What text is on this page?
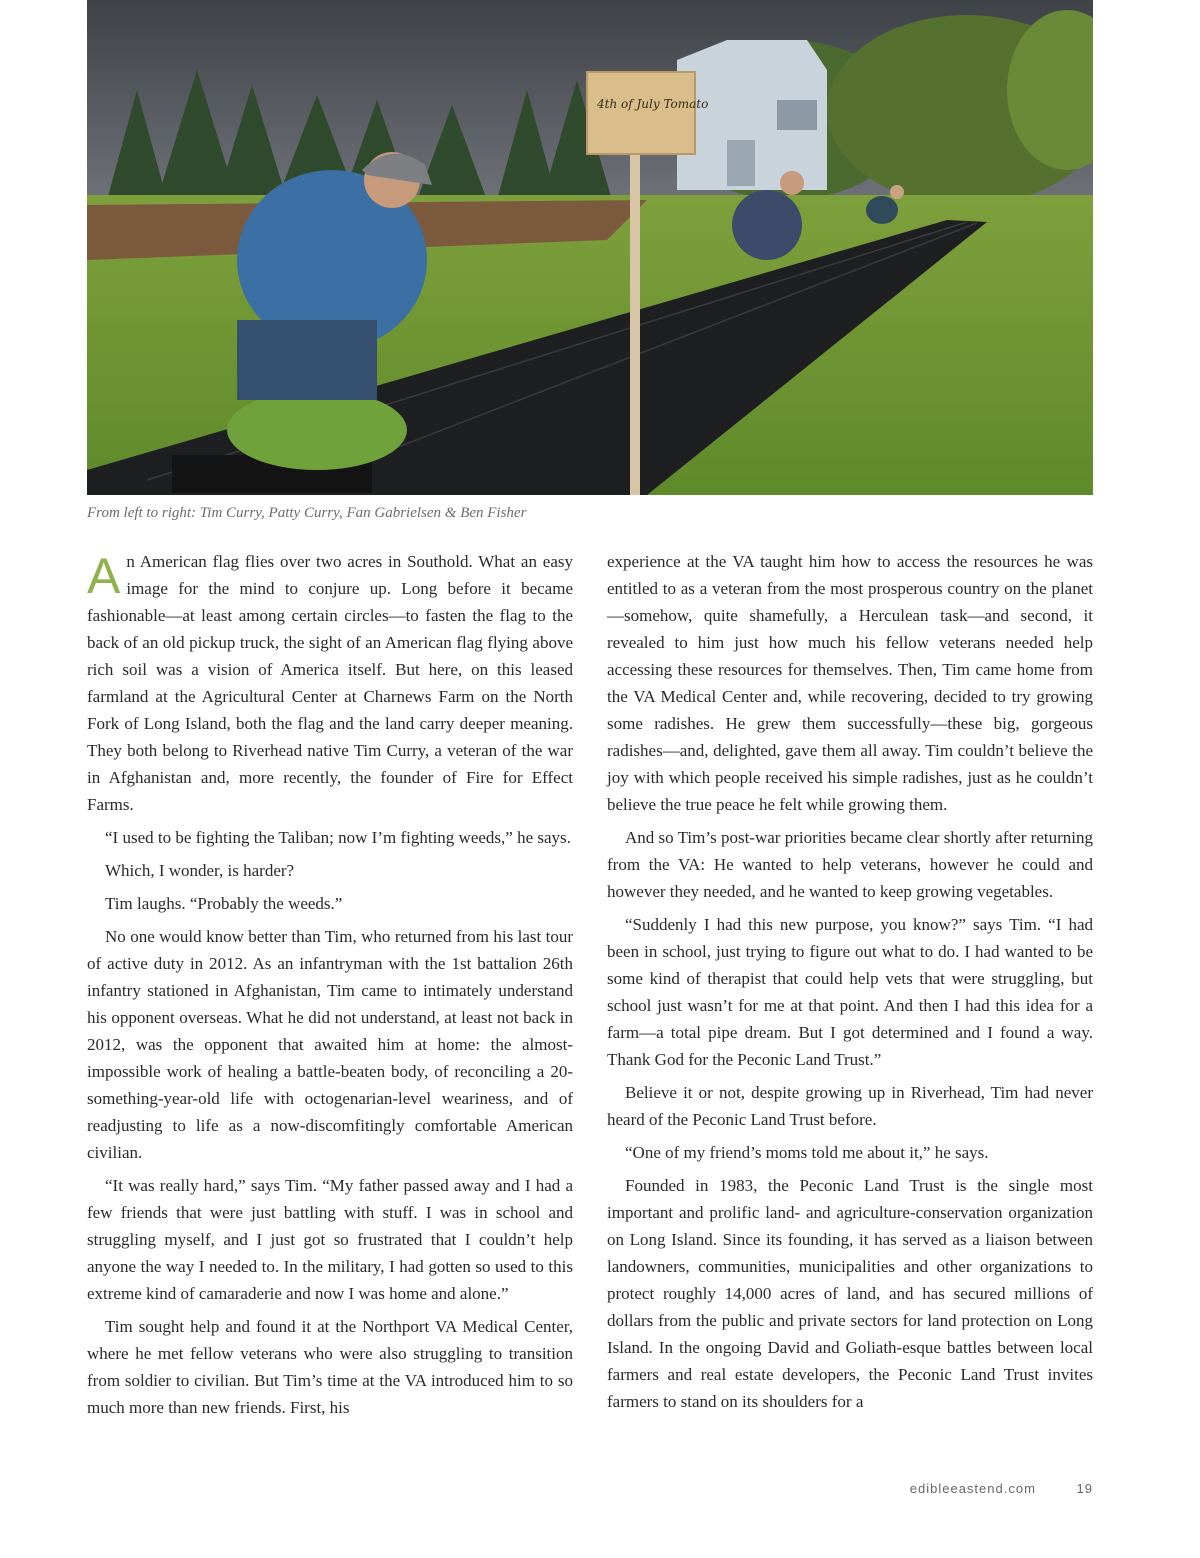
4th of July Tomato
From left to right: Tim Curry, Patty Curry, Fan Gabrielsen & Ben Fisher

An American flag flies over two acres in Southold. What an easy image for the mind to conjure up. Long before it became fashionable—at least among certain circles—to fasten the flag to the back of an old pickup truck, the sight of an American flag flying above rich soil was a vision of America itself. But here, on this leased farmland at the Agricultural Center at Charnews Farm on the North Fork of Long Island, both the flag and the land carry deeper meaning. They both belong to Riverhead native Tim Curry, a veteran of the war in Afghanistan and, more recently, the founder of Fire for Effect Farms.

“I used to be fighting the Taliban; now I’m fighting weeds,” he says.

Which, I wonder, is harder?

Tim laughs. “Probably the weeds.”

No one would know better than Tim, who returned from his last tour of active duty in 2012. As an infantryman with the 1st battalion 26th infantry stationed in Afghanistan, Tim came to intimately understand his opponent overseas. What he did not understand, at least not back in 2012, was the opponent that awaited him at home: the almost-impossible work of healing a battle-beaten body, of reconciling a 20-something-year-old life with octogenarian-level weariness, and of readjusting to life as a now-discomfitingly comfortable American civilian.

“It was really hard,” says Tim. “My father passed away and I had a few friends that were just battling with stuff. I was in school and struggling myself, and I just got so frustrated that I couldn’t help anyone the way I needed to. In the military, I had gotten so used to this extreme kind of camaraderie and now I was home and alone.”

Tim sought help and found it at the Northport VA Medical Center, where he met fellow veterans who were also struggling to transition from soldier to civilian. But Tim’s time at the VA introduced him to so much more than new friends. First, his

experience at the VA taught him how to access the resources he was entitled to as a veteran from the most prosperous country on the planet—somehow, quite shamefully, a Herculean task—and second, it revealed to him just how much his fellow veterans needed help accessing these resources for themselves. Then, Tim came home from the VA Medical Center and, while recovering, decided to try growing some radishes. He grew them successfully—these big, gorgeous radishes—and, delighted, gave them all away. Tim couldn’t believe the joy with which people received his simple radishes, just as he couldn’t believe the true peace he felt while growing them.

And so Tim’s post-war priorities became clear shortly after returning from the VA: He wanted to help veterans, however he could and however they needed, and he wanted to keep growing vegetables.

“Suddenly I had this new purpose, you know?” says Tim. “I had been in school, just trying to figure out what to do. I had wanted to be some kind of therapist that could help vets that were struggling, but school just wasn’t for me at that point. And then I had this idea for a farm—a total pipe dream. But I got determined and I found a way. Thank God for the Peconic Land Trust.”

Believe it or not, despite growing up in Riverhead, Tim had never heard of the Peconic Land Trust before.

“One of my friend’s moms told me about it,” he says.

Founded in 1983, the Peconic Land Trust is the single most important and prolific land- and agriculture-conservation organization on Long Island. Since its founding, it has served as a liaison between landowners, communities, municipalities and other organizations to protect roughly 14,000 acres of land, and has secured millions of dollars from the public and private sectors for land protection on Long Island. In the ongoing David and Goliath-esque battles between local farmers and real estate developers, the Peconic Land Trust invites farmers to stand on its shoulders for a

edibleeastend.com	19
